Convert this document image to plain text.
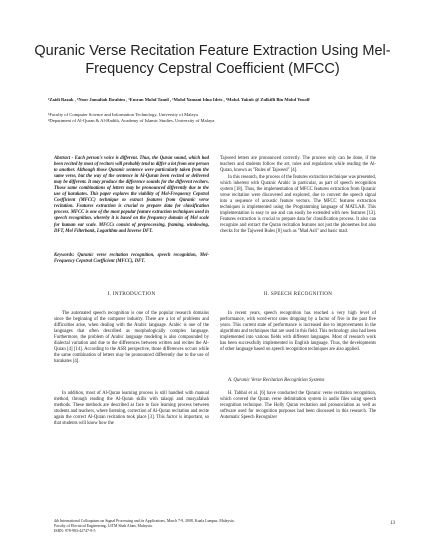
Quranic Verse Recitation Feature Extraction Using Mel-Frequency Cepstral Coefficient (MFCC)
¹Zaidi Razak , ¹Noor Jamaliah Ibrahim , ¹Emran Mohd Tamil , ¹Mohd Yamani Idna Idris , ²Mohd. Yakub @ Zulkifli Bin Mohd Yusoff

¹Faculty of Computer Science and Information Technology, University of Malaya

²Department of Al-Quran & Al-Hadith, Academy of Islamic Studies, University of Malaya

Abstract - Each person's voice is different. Thus, the Quran sound, which had been recited by most of recitors will probably tend to differ a lot from one person to another. Although those Quranic sentence were particularly taken from the same verse, but the way of the sentence in Al-Quran been recited or delivered may be different. It may produce the difference sounds for the different recitors. Those same combinations of letters may be pronounced differently due to the use of harakates. This paper explores the viability of Mel-Frequency Cepstral Coefficient (MFCC) technique to extract features from Quranic verse recitation. Features extraction is crucial to prepare data for classification process. MFCC is one of the most popular feature extraction techniques used in speech recognition, whereby it is based on the frequency domain of Mel scale for human ear scale. MFCCs consist of preprocessing, framing, windowing, DFT, Mel Filterbank, Logarithm and Inverse DFT.
Keywords: Quranic verse recitation recognition, speech recognition, Mel-Frequency Cepstral Coefficient (MFCC), DFT.
Tajweed letters are pronounced correctly. The process only can be done, if the teachers and students follow the art, rules and regulations while reading the Al-Quran, known as "Rules of Tajweed" [4].
In this research, the process of the features extraction technique was presented, which inherent with Quranic Arabic in particular, as part of speech recognition system [18]. Thus, the implementation of MFCC features extraction from Quranic verse recitation were discovered and explored, due to convert the speech signal into a sequence of acoustic feature vectors. The MFCC features extraction techniques is implemented using the Programming language of MATLAB. This implementation is easy to use and can easily be extended with new features [13]. Features extraction is crucial to prepare data for classification process. It also can recognize and extract the Quran recitation features not just the phonemes but also checks for the Tajweed Rules [8] such as "Mad Asli" and basic mad.
I. INTRODUCTION	II. SPEECH RECOGNITION
The automated speech recognition is one of the popular research domains since the beginning of the computer industry. There are a lot of problems and difficulties arise, when dealing with the Arabic language. Arabic is one of the languages that often described as morphologically complex language. Furthermore, the problem of Arabic language modeling is also compounded by dialectal variation and due to the differences between written and recites the Al-Quran [4] [14]. According to the ASR perspective, those differences occurs while the same combination of letters may be pronounced differently due to the use of harakates [4].
In addition, most of Al-Quran learning process is still handled with manual method, through reading the Al-Quran skills with talaqqi and musyafahah methods. These methods are described as face to face learning process between students and teachers, where listening, correction of Al-Quran recitation and recite again the correct Al-Quran recitation took place [3]. This factor is important, so that students will know how the
In recent years, speech recognition has reached a very high level of performance, with word-error rates dropping by a factor of five in the past five years. This current state of performance is increased due to improvements in the algorithms and techniques that are used in this field. This technology also had been implemented into various fields with different languages. Most of research work has been successfully implemented in English language. Thus, the developments of other language based on speech recognition techniques are also applied.
A. Quranic Verse Recitation Recognition Systems
H. Tabbal et al. [6] have conducted the Quranic verse recitation recognition, which covered the Quran verse delimitation system in audio files using speech recognition technique. The Holly Quran recitation and pronunciation as well as software used for recognition purposes had been discussed in this research. The Automatic Speech Recognizer

4th International Colloquium on Signal Processing and its Applications, March 7-9, 2008, Kuala Lumpur, Malaysia.

Faculty of Electrical Engineering, UiTM Shah Alam, Malaysia.

ISBN: 978-983-42747-9-5

13
